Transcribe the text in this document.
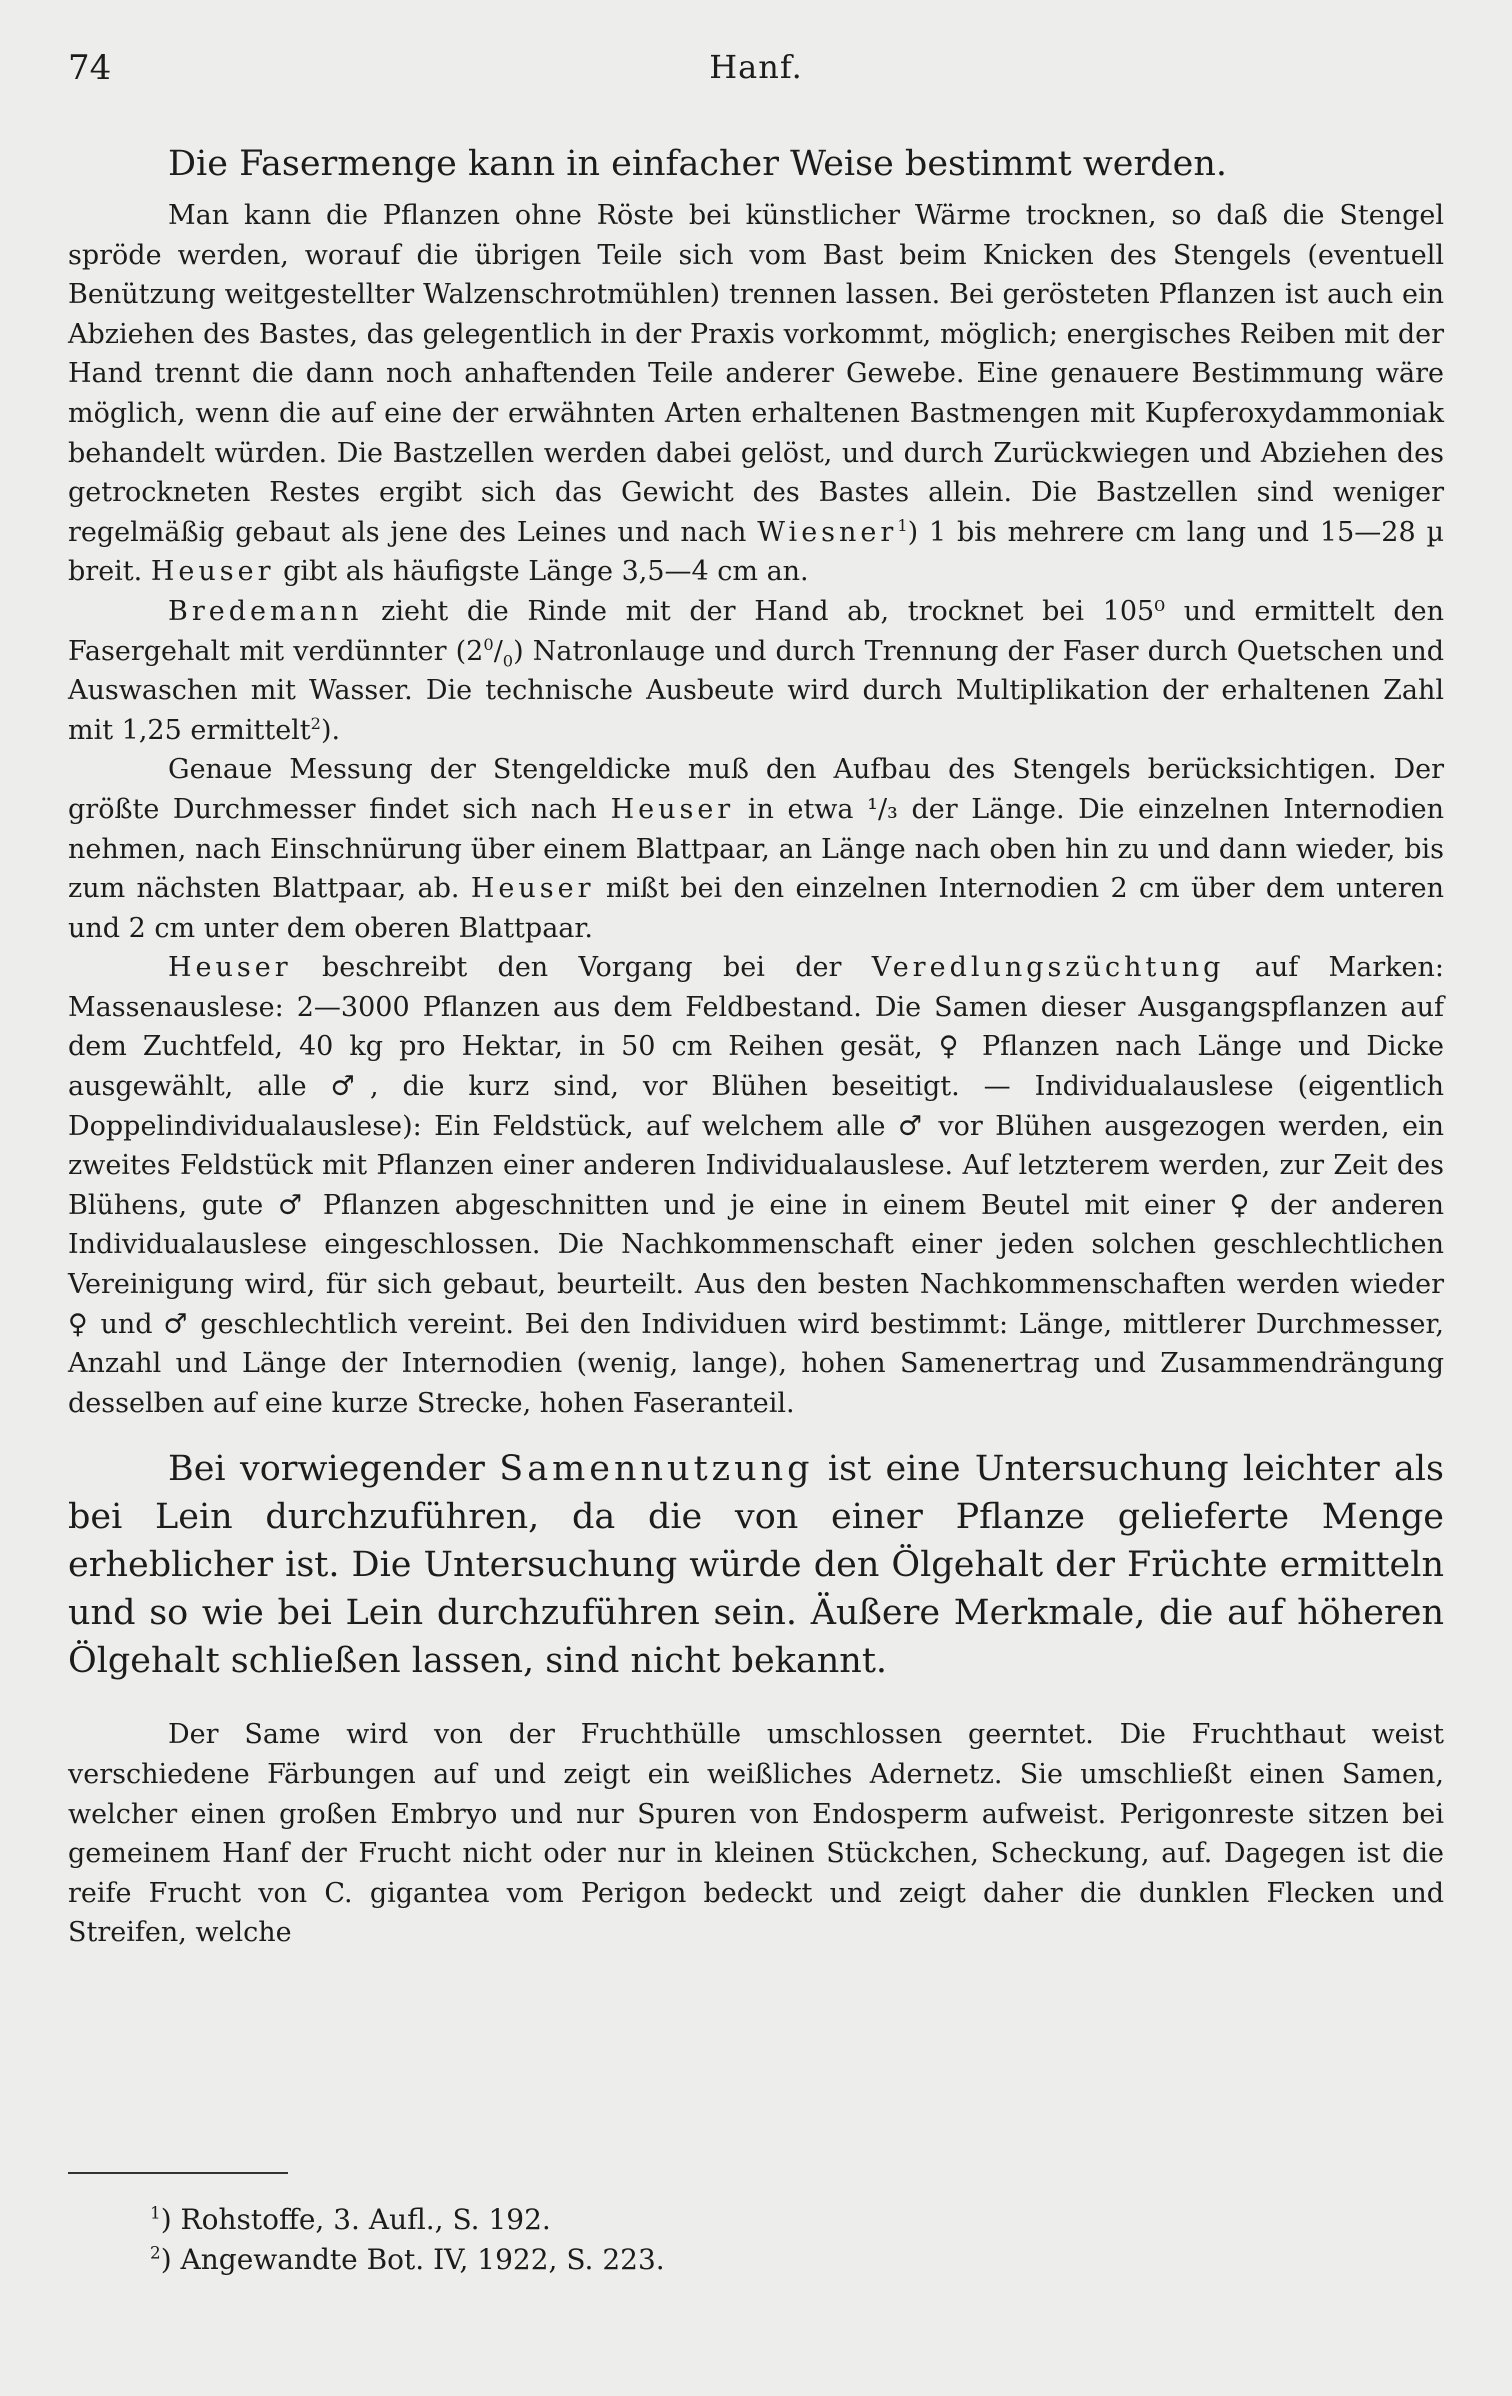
74	Hanf.

Die Fasermenge kann in einfacher Weise bestimmt werden.

Man kann die Pflanzen ohne Röste bei künstlicher Wärme trocknen, so daß die Stengel spröde werden, worauf die übrigen Teile sich vom Bast beim Knicken des Stengels (eventuell Benützung weitgestellter Walzenschrotmühlen) trennen lassen. Bei gerösteten Pflanzen ist auch ein Abziehen des Bastes, das gelegentlich in der Praxis vorkommt, möglich; energisches Reiben mit der Hand trennt die dann noch anhaftenden Teile anderer Gewebe. Eine genauere Bestimmung wäre möglich, wenn die auf eine der erwähnten Arten erhaltenen Bastmengen mit Kupferoxydammoniak behandelt würden. Die Bastzellen werden dabei gelöst, und durch Zurückwiegen und Abziehen des getrockneten Restes ergibt sich das Gewicht des Bastes allein. Die Bastzellen sind weniger regelmäßig gebaut als jene des Leines und nach Wiesner$^1$) 1 bis mehrere cm lang und 15—28 µ breit. Heuser gibt als häufigste Länge 3,5—4 cm an.

Bredemann zieht die Rinde mit der Hand ab, trocknet bei 105⁰ und ermittelt den Fasergehalt mit verdünnter $(2^0/_0)$ Natronlauge und durch Trennung der Faser durch Quetschen und Auswaschen mit Wasser. Die technische Ausbeute wird durch Multiplikation der erhaltenen Zahl mit 1,25 ermittelt$^2$).

Genaue Messung der Stengeldicke muß den Aufbau des Stengels berücksichtigen. Der größte Durchmesser findet sich nach Heuser in etwa ¹/₃ der Länge. Die einzelnen Internodien nehmen, nach Einschnürung über einem Blattpaar, an Länge nach oben hin zu und dann wieder, bis zum nächsten Blattpaar, ab. Heuser mißt bei den einzelnen Internodien 2 cm über dem unteren und 2 cm unter dem oberen Blattpaar.

Heuser beschreibt den Vorgang bei der Veredlungszüchtung auf Marken: Massenauslese: 2—3000 Pflanzen aus dem Feldbestand. Die Samen dieser Ausgangspflanzen auf dem Zuchtfeld, 40 kg pro Hektar, in 50 cm Reihen gesät, ♀ Pflanzen nach Länge und Dicke ausgewählt, alle ♂, die kurz sind, vor Blühen beseitigt. — Individualauslese (eigentlich Doppelindividualauslese): Ein Feldstück, auf welchem alle ♂ vor Blühen ausgezogen werden, ein zweites Feldstück mit Pflanzen einer anderen Individualauslese. Auf letzterem werden, zur Zeit des Blühens, gute ♂ Pflanzen abgeschnitten und je eine in einem Beutel mit einer ♀ der anderen Individualauslese eingeschlossen. Die Nachkommenschaft einer jeden solchen geschlechtlichen Vereinigung wird, für sich gebaut, beurteilt. Aus den besten Nachkommenschaften werden wieder ♀ und ♂ geschlechtlich vereint. Bei den Individuen wird bestimmt: Länge, mittlerer Durchmesser, Anzahl und Länge der Internodien (wenig, lange), hohen Samenertrag und Zusammendrängung desselben auf eine kurze Strecke, hohen Faseranteil.

Bei vorwiegender Samennutzung ist eine Untersuchung leichter als bei Lein durchzuführen, da die von einer Pflanze gelieferte Menge erheblicher ist. Die Untersuchung würde den Ölgehalt der Früchte ermitteln und so wie bei Lein durchzuführen sein. Äußere Merkmale, die auf höheren Ölgehalt schließen lassen, sind nicht bekannt.

Der Same wird von der Fruchthülle umschlossen geerntet. Die Fruchthaut weist verschiedene Färbungen auf und zeigt ein weißliches Adernetz. Sie umschließt einen Samen, welcher einen großen Embryo und nur Spuren von Endosperm aufweist. Perigonreste sitzen bei gemeinem Hanf der Frucht nicht oder nur in kleinen Stückchen, Scheckung, auf. Dagegen ist die reife Frucht von C. gigantea vom Perigon bedeckt und zeigt daher die dunklen Flecken und Streifen, welche

$^1$) Rohstoffe, 3. Aufl., S. 192.

$^2$) Angewandte Bot. IV, 1922, S. 223.
